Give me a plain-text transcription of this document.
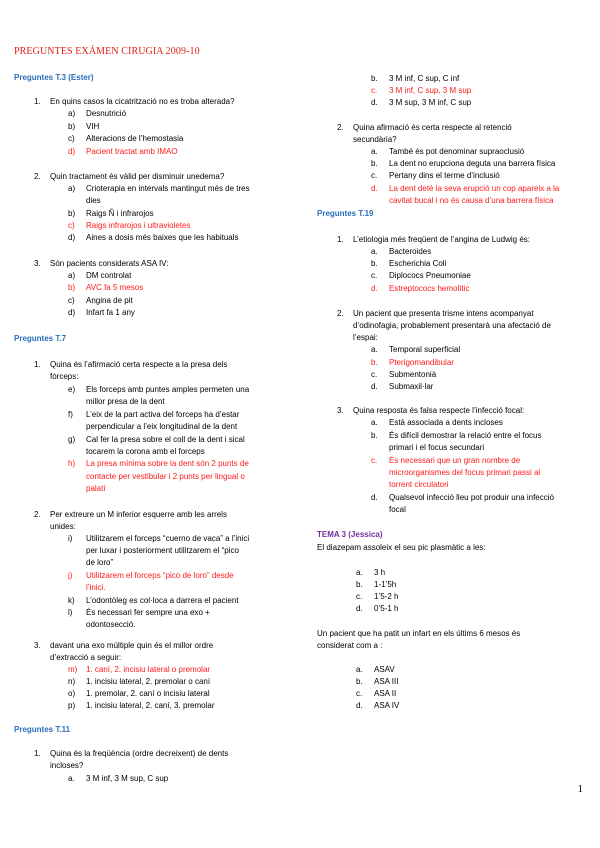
PREGUNTES EXÁMEN CIRUGIA 2009-10
Preguntes T.3 (Ester)
1. En quins casos la cicatrització no es troba alterada?
a) Desnutrició
b) VIH
c) Alteracions de l’hemostasia
d) Pacient tractat amb IMAO
2. Quin tractament és vàlid per disminuir unedema?
a) Crioterapia en intervals mantingut més de tres
dies
b) Raigs Ñ i infrarojos
c) Raigs infrarojos i ultravioletes
d) Aines a dosis més baixes que les habituals
3. Són pacients considerats ASA IV:
a) DM controlat
b) AVC fa 5 mesos
c) Angina de pit
d) Infart fa 1 any
Preguntes T.7
1. Quina és l’afirmació certa respecte a la presa dels
fòrceps:
e) Els forceps amb puntes amples permeten una
millor presa de la dent
f) L’eix de la part activa del forceps ha d’estar
perpendicular a l’eix longitudinal de la dent
g) Cal fer la presa sobre el coll de la dent i sical
tocarem la corona amb el forceps
h) La presa mínima sobre la dent són 2 punts de
contacte per vestibular i 2 punts per lingual o
palatí
2. Per extreure un M inferior esquerre amb les arrels
unides:
i) Utilitzarem el forceps “cuerno de vaca” a l’inici
per luxar i posteriorment utilitzarem el “pico
de loro”
j) Utilitzarem el forceps “pico de loro” desde
l’inici.
k) L’odontòleg es col·loca a darrera el pacient
l) És necessari fer sempre una exo +
odontosecció.
3. davant una exo múltiple quin és el millor ordre
d’extracció a seguir:
m) 1. caní, 2. incisiu lateral o premolar
n) 1. incisiu lateral, 2. premolar o caní
o) 1. premolar, 2. caní o incisiu lateral
p) 1. incisiu lateral, 2. caní, 3. premolar
Preguntes T.11
1. Quina és la freqüència (ordre decreixent) de dents
incloses?
a. 3 M inf, 3 M sup, C sup
b. 3 M inf, C sup, C inf
c. 3 M inf, C sup, 3 M sup
d. 3 M sup, 3 M inf, C sup
2. Quina afirmació és certa respecte al retenció
secundària?
a. També és pot denominar supraoclusió
b. La dent no erupciona deguta una barrera física
c. Pertany dins el terme d’inclusió
d. La dent deté la seva erupció un cop apareix a la
cavitat bucal i no és causa d’una barrera física
Preguntes T.19
1. L’etiologia més freqüent de l’angina de Ludwig és:
a. Bacteroides
b. Escherichia Coli
c. Diplococs Pneumoniae
d. Estreptococs hemolític
2. Un pacient que presenta trisme intens acompanyat
d’odinofagia, probablement presentarà una afectació de
l’espai:
a. Temporal superficial
b. Pterigomandibular
c. Submentonià
d. Submaxil·lar
3. Quina resposta és falsa respecte l’infecció focal:
a. Està associada a dents incloses
b. És difícil demostrar la relació entre el focus
primari i el focus secundari
c. És necessari que un gran nombre de
microorganismes del focus primari passi al
torrent circulatori
d. Qualsevol infecció lleu pot produir una infecció
focal
TEMA 3 (Jessica)
El diazepam assoleix el seu pic plasmàtic a les:
a. 3 h
b. 1-1’5h
c. 1’5-2 h
d. 0’5-1 h
Un pacient que ha patit un infart en els últims 6 mesos és
considerat com a :
a. ASAV
b. ASA III
c. ASA II
d. ASA IV
1
